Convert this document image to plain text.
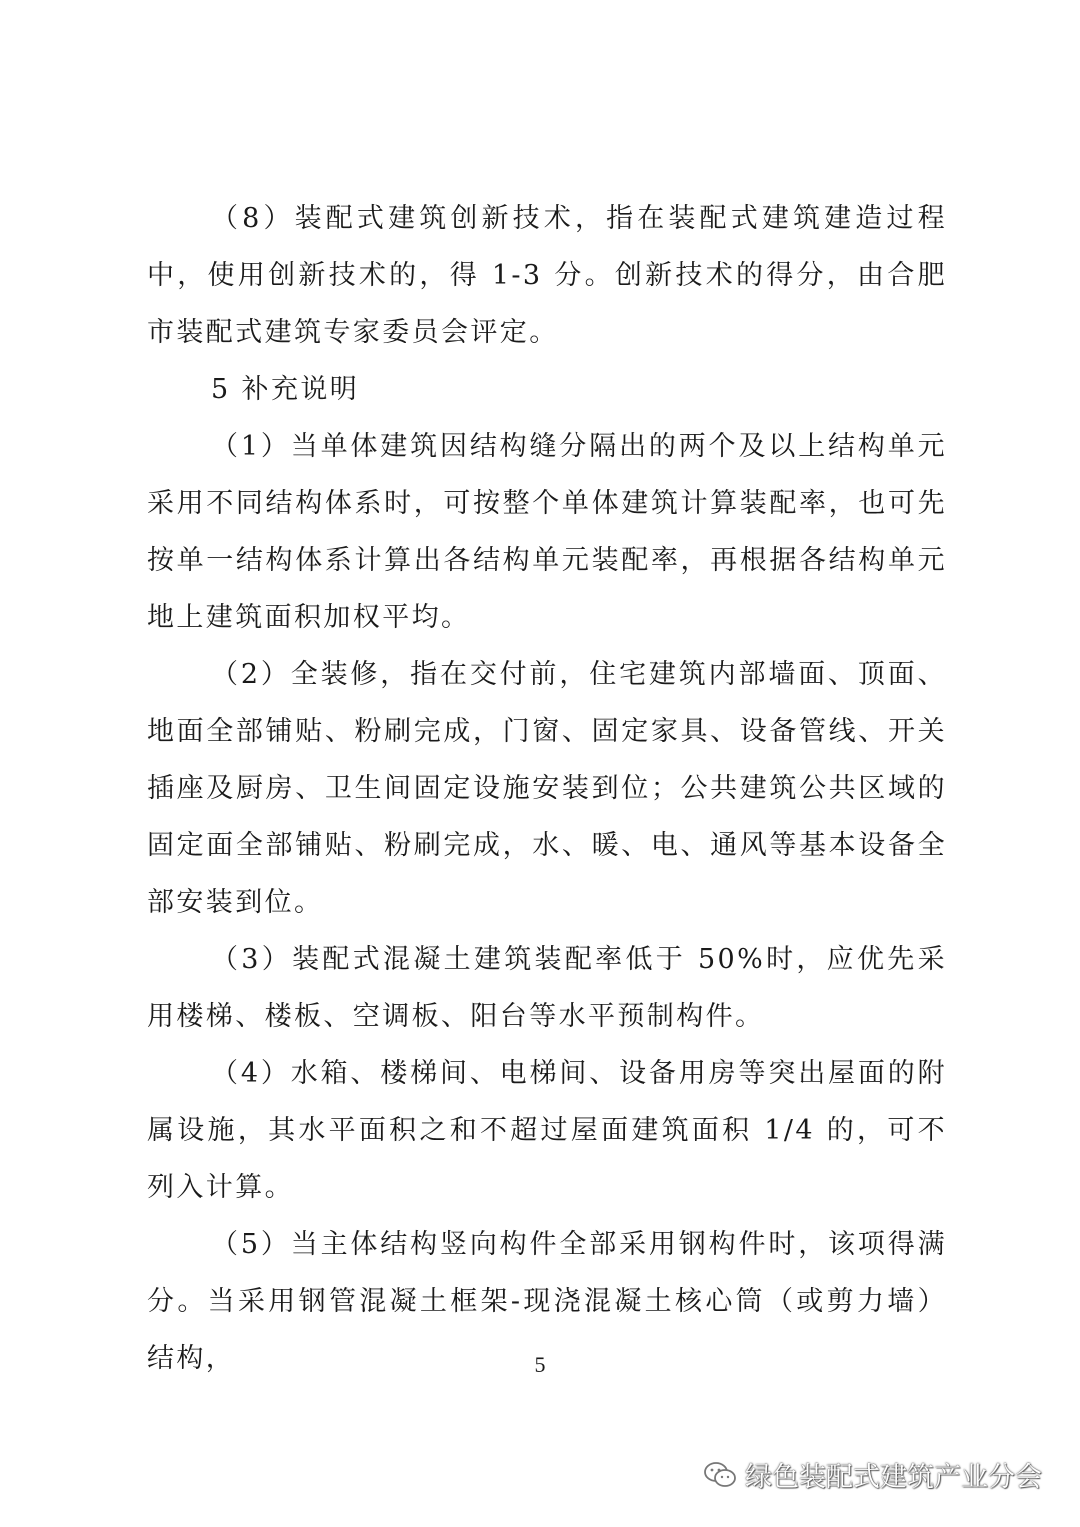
（8）装配式建筑创新技术，指在装配式建筑建造过程中，使用创新技术的，得 1-3 分。创新技术的得分，由合肥市装配式建筑专家委员会评定。

5 补充说明

（1）当单体建筑因结构缝分隔出的两个及以上结构单元采用不同结构体系时，可按整个单体建筑计算装配率，也可先按单一结构体系计算出各结构单元装配率，再根据各结构单元地上建筑面积加权平均。

（2）全装修，指在交付前，住宅建筑内部墙面、顶面、地面全部铺贴、粉刷完成，门窗、固定家具、设备管线、开关插座及厨房、卫生间固定设施安装到位；公共建筑公共区域的固定面全部铺贴、粉刷完成，水、暖、电、通风等基本设备全部安装到位。

（3）装配式混凝土建筑装配率低于 50%时，应优先采用楼梯、楼板、空调板、阳台等水平预制构件。

（4）水箱、楼梯间、电梯间、设备用房等突出屋面的附属设施，其水平面积之和不超过屋面建筑面积 1/4 的，可不列入计算。

（5）当主体结构竖向构件全部采用钢构件时，该项得满分。当采用钢管混凝土框架-现浇混凝土核心筒（或剪力墙）结构，	5
绿色装配式建筑产业分会
